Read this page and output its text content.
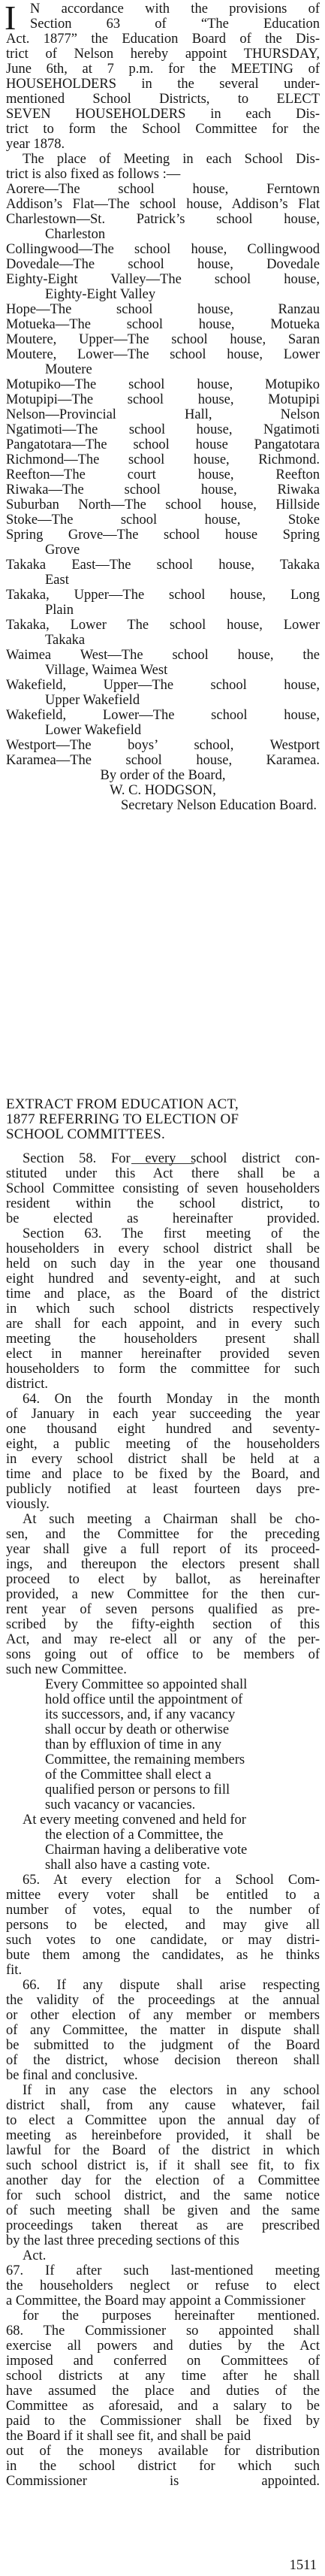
I N accordance with the provisions of
Section 63 of “The Education
Act. 1877” the Education Board of the Dis-
trict of Nelson hereby appoint THURSDAY,
June 6th, at 7 p.m. for the MEETING of
HOUSEHOLDERS in the several under-
mentioned School Districts, to ELECT
SEVEN HOUSEHOLDERS in each Dis-
trict to form the School Committee for the
year 1878.
The place of Meeting in each School Dis-
trict is also fixed as follows :—
Aorere—The school house, Ferntown
Addison’s Flat—The school house, Addison’s Flat
Charlestown—St. Patrick’s school house,
Charleston
Collingwood—The school house, Collingwood
Dovedale—The school house, Dovedale
Eighty-Eight Valley—The school house,
Eighty-Eight Valley
Hope—The school house, Ranzau
Motueka—The school house, Motueka
Moutere, Upper—The school house, Saran
Moutere, Lower—The school house, Lower
Moutere
Motupiko—The school house, Motupiko
Motupipi—The school house, Motupipi
Nelson—Provincial Hall, Nelson
Ngatimoti—The school house, Ngatimoti
Pangatotara—The school house Pangatotara
Richmond—The school house, Richmond.
Reefton—The court house, Reefton
Riwaka—The school house, Riwaka
Suburban North—The school house, Hillside
Stoke—The school house, Stoke
Spring Grove—The school house Spring
Grove
Takaka East—The school house, Takaka
East
Takaka, Upper—The school house, Long
Plain
Takaka, Lower The school house, Lower
Takaka
Waimea West—The school house, the
Village, Waimea West
Wakefield, Upper—The school house,
Upper Wakefield
Wakefield, Lower—The school house,
Lower Wakefield
Westport—The boys’ school, Westport
Karamea—The school house, Karamea.
By order of the Board,
W. C. HODGSON,
Secretary Nelson Education Board.
EXTRACT FROM EDUCATION ACT,
1877 REFERRING TO ELECTION OF
SCHOOL COMMITTEES.
Section 58. For every school district con-
stituted under this Act there shall be a
School Committee consisting of seven householders
resident within the school district, to
be elected as hereinafter provided.
Section 63. The first meeting of the
householders in every school district shall be
held on such day in the year one thousand
eight hundred and seventy-eight, and at such
time and place, as the Board of the district
in which such school districts respectively
are shall for each appoint, and in every such
meeting the householders present shall
elect in manner hereinafter provided seven
householders to form the committee for such
district.
64. On the fourth Monday in the month
of January in each year succeeding the year
one thousand eight hundred and seventy-
eight, a public meeting of the householders
in every school district shall be held at a
time and place to be fixed by the Board, and
publicly notified at least fourteen days pre-
viously.
At such meeting a Chairman shall be cho-
sen, and the Committee for the preceding
year shall give a full report of its proceed-
ings, and thereupon the electors present shall
proceed to elect by ballot, as hereinafter
provided, a new Committee for the then cur-
rent year of seven persons qualified as pre-
scribed by the fifty-eighth section of this
Act, and may re-elect all or any of the per-
sons going out of office to be members of
such new Committee.
Every Committee so appointed shall
hold office until the appointment of
its successors, and, if any vacancy
shall occur by death or otherwise
than by effluxion of time in any
Committee, the remaining members
of the Committee shall elect a
qualified person or persons to fill
such vacancy or vacancies.
At every meeting convened and held for
the election of a Committee, the
Chairman having a deliberative vote
shall also have a casting vote.
65. At every election for a School Com-
mittee every voter shall be entitled to a
number of votes, equal to the number of
persons to be elected, and may give all
such votes to one candidate, or may distri-
bute them among the candidates, as he thinks
fit.
66. If any dispute shall arise respecting
the validity of the proceedings at the annual
or other election of any member or members
of any Committee, the matter in dispute shall
be submitted to the judgment of the Board
of the district, whose decision thereon shall
be final and conclusive.
If in any case the electors in any school
district shall, from any cause whatever, fail
to elect a Committee upon the annual day of
meeting as hereinbefore provided, it shall be
lawful for the Board of the district in which
such school district is, if it shall see fit, to fix
another day for the election of a Committee
for such school district, and the same notice
of such meeting shall be given and the same
proceedings taken thereat as are prescribed
by the last three preceding sections of this
Act.
67. If after such last-mentioned meeting
the householders neglect or refuse to elect
a Committee, the Board may appoint a Commissioner
for the purposes hereinafter mentioned.
68. The Commissioner so appointed shall
exercise all powers and duties by the Act
imposed and conferred on Committees of
school districts at any time after he shall
have assumed the place and duties of the
Committee as aforesaid, and a salary to be
paid to the Commissioner shall be fixed by
the Board if it shall see fit, and shall be paid
out of the moneys available for distribution
in the school district for which such
Commissioner is appointed.
1511
